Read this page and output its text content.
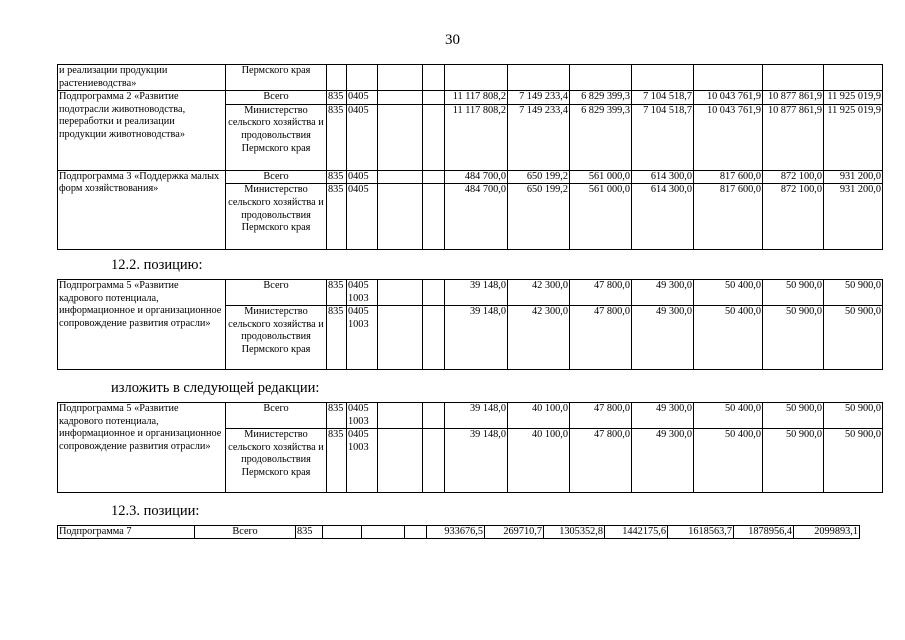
30
и реализации продукции растениеводства»	Пермского края											
Подпрограмма 2 «Развитие подотрасли животноводства, переработки и реализации продукции животноводства»	Всего	835	0405			11 117 808,2	7 149 233,4	6 829 399,3	7 104 518,7	10 043 761,9	10 877 861,9	11 925 019,9
	Министерство сельского хозяйства и продовольствия Пермского края	835	0405			11 117 808,2	7 149 233,4	6 829 399,3	7 104 518,7	10 043 761,9	10 877 861,9	11 925 019,9
Подпрограмма 3 «Поддержка малых форм хозяйствования»	Всего	835	0405			484 700,0	650 199,2	561 000,0	614 300,0	817 600,0	872 100,0	931 200,0
	Министерство сельского хозяйства и продовольствия Пермского края	835	0405			484 700,0	650 199,2	561 000,0	614 300,0	817 600,0	872 100,0	931 200,0
12.2. позицию:
Подпрограмма 5 «Развитие кадрового потенциала, информационное и организационное сопровождение развития отрасли»	Всего	835	0405 1003			39 148,0	42 300,0	47 800,0	49 300,0	50 400,0	50 900,0	50 900,0
	Министерство сельского хозяйства и продовольствия Пермского края	835	0405 1003			39 148,0	42 300,0	47 800,0	49 300,0	50 400,0	50 900,0	50 900,0
изложить в следующей редакции:
Подпрограмма 5 «Развитие кадрового потенциала, информационное и организационное сопровождение развития отрасли»	Всего	835	0405 1003			39 148,0	40 100,0	47 800,0	49 300,0	50 400,0	50 900,0	50 900,0
	Министерство сельского хозяйства и продовольствия Пермского края	835	0405 1003			39 148,0	40 100,0	47 800,0	49 300,0	50 400,0	50 900,0	50 900,0
12.3. позиции:
Подпрограмма 7	Всего	835				933676,5	269710,7	1305352,8	1442175,6	1618563,7	1878956,4	2099893,1
